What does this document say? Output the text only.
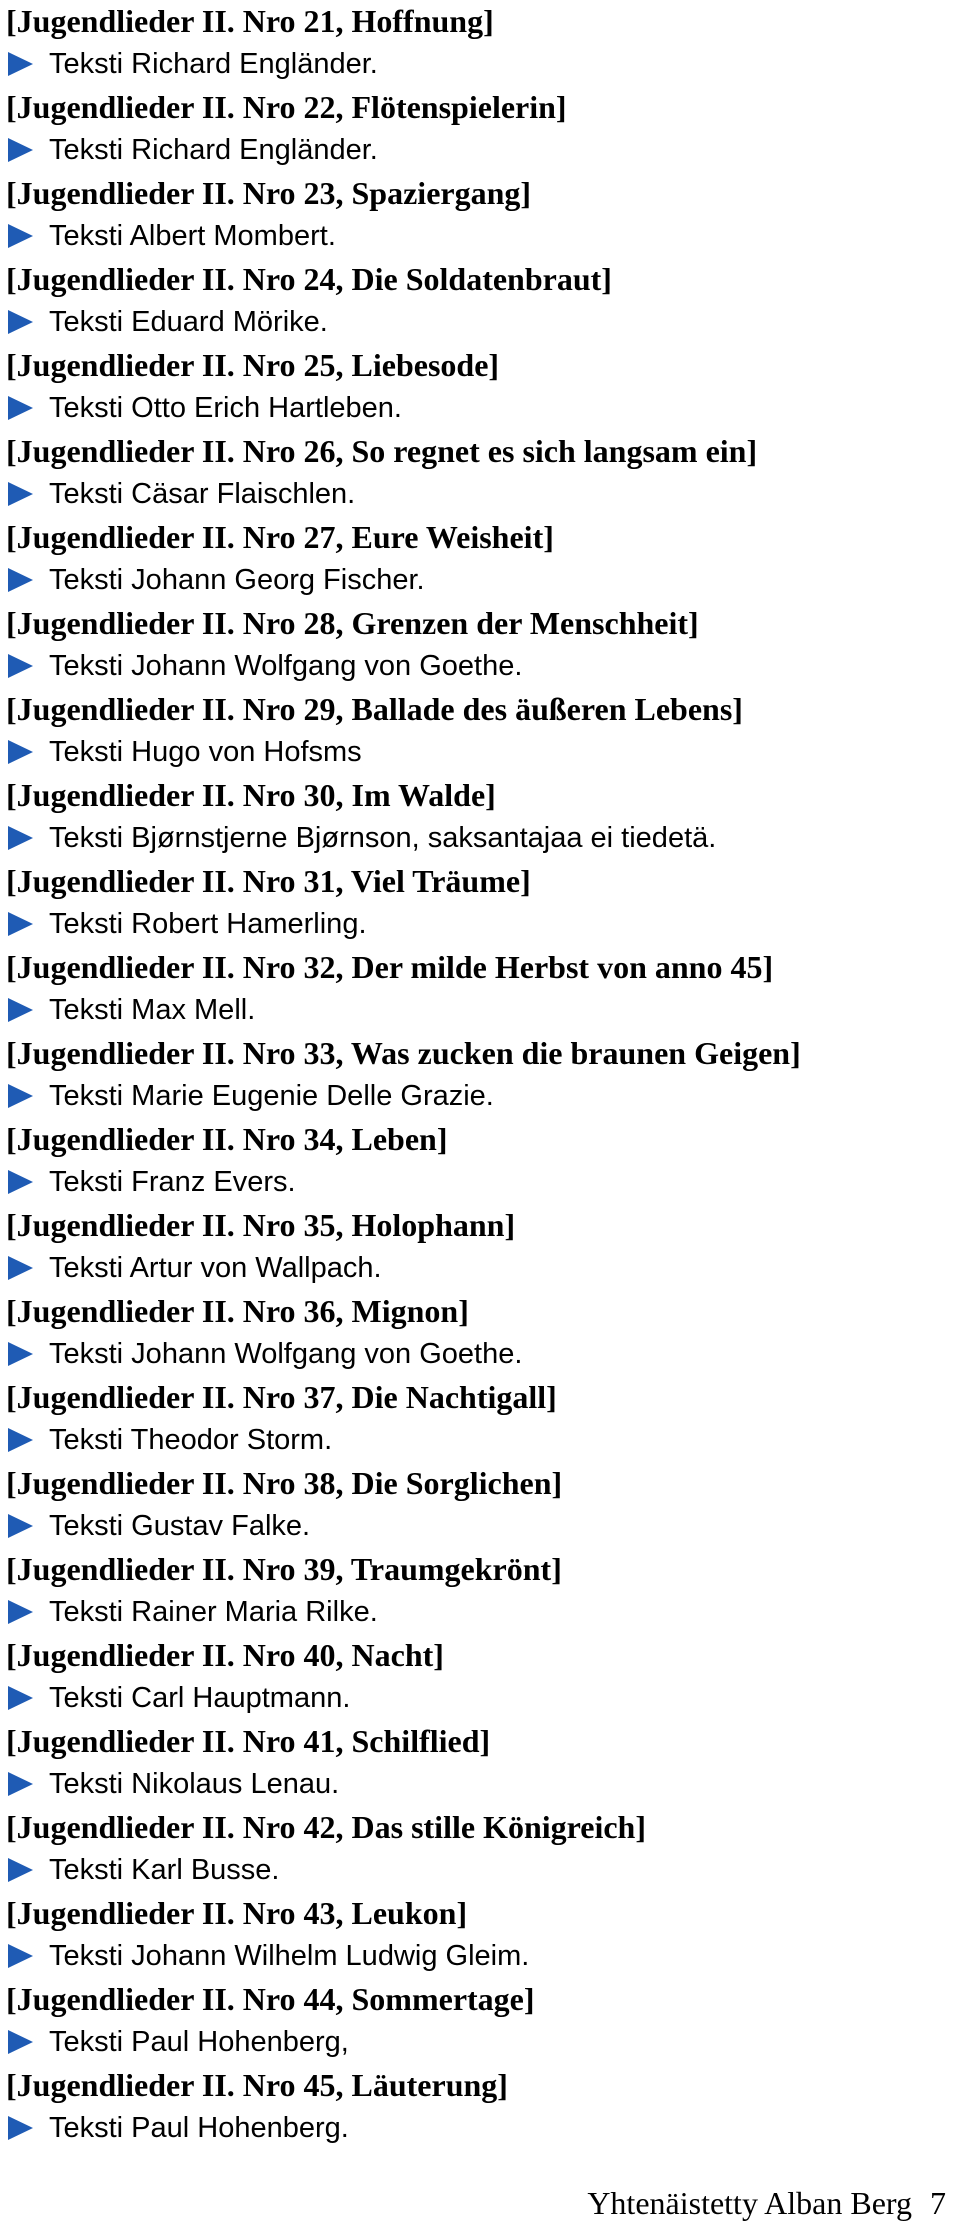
[Jugendlieder II. Nro 21, Hoffnung]
Teksti Richard Engländer.
[Jugendlieder II. Nro 22, Flötenspielerin]
Teksti Richard Engländer.
[Jugendlieder II. Nro 23, Spaziergang]
Teksti Albert Mombert.
[Jugendlieder II. Nro 24, Die Soldatenbraut]
Teksti Eduard Mörike.
[Jugendlieder II. Nro 25, Liebesode]
Teksti Otto Erich Hartleben.
[Jugendlieder II. Nro 26, So regnet es sich langsam ein]
Teksti Cäsar Flaischlen.
[Jugendlieder II. Nro 27, Eure Weisheit]
Teksti Johann Georg Fischer.
[Jugendlieder II. Nro 28, Grenzen der Menschheit]
Teksti Johann Wolfgang von Goethe.
[Jugendlieder II. Nro 29, Ballade des äußeren Lebens]
Teksti Hugo von Hofsms
[Jugendlieder II. Nro 30, Im Walde]
Teksti Bjørnstjerne Bjørnson, saksantajaa ei tiedetä.
[Jugendlieder II. Nro 31, Viel Träume]
Teksti Robert Hamerling.
[Jugendlieder II. Nro 32, Der milde Herbst von anno 45]
Teksti Max Mell.
[Jugendlieder II. Nro 33, Was zucken die braunen Geigen]
Teksti Marie Eugenie Delle Grazie.
[Jugendlieder II. Nro 34, Leben]
Teksti Franz Evers.
[Jugendlieder II. Nro 35, Holophann]
Teksti Artur von Wallpach.
[Jugendlieder II. Nro 36, Mignon]
Teksti Johann Wolfgang von Goethe.
[Jugendlieder II. Nro 37, Die Nachtigall]
Teksti Theodor Storm.
[Jugendlieder II. Nro 38, Die Sorglichen]
Teksti Gustav Falke.
[Jugendlieder II. Nro 39, Traumgekrönt]
Teksti Rainer Maria Rilke.
[Jugendlieder II. Nro 40, Nacht]
Teksti Carl Hauptmann.
[Jugendlieder II. Nro 41, Schilflied]
Teksti Nikolaus Lenau.
[Jugendlieder II. Nro 42, Das stille Königreich]
Teksti Karl Busse.
[Jugendlieder II. Nro 43, Leukon]
Teksti Johann Wilhelm Ludwig Gleim.
[Jugendlieder II. Nro 44, Sommertage]
Teksti Paul Hohenberg,
[Jugendlieder II. Nro 45, Läuterung]
Teksti Paul Hohenberg.
Yhtenäistetty Alban Berg 7
